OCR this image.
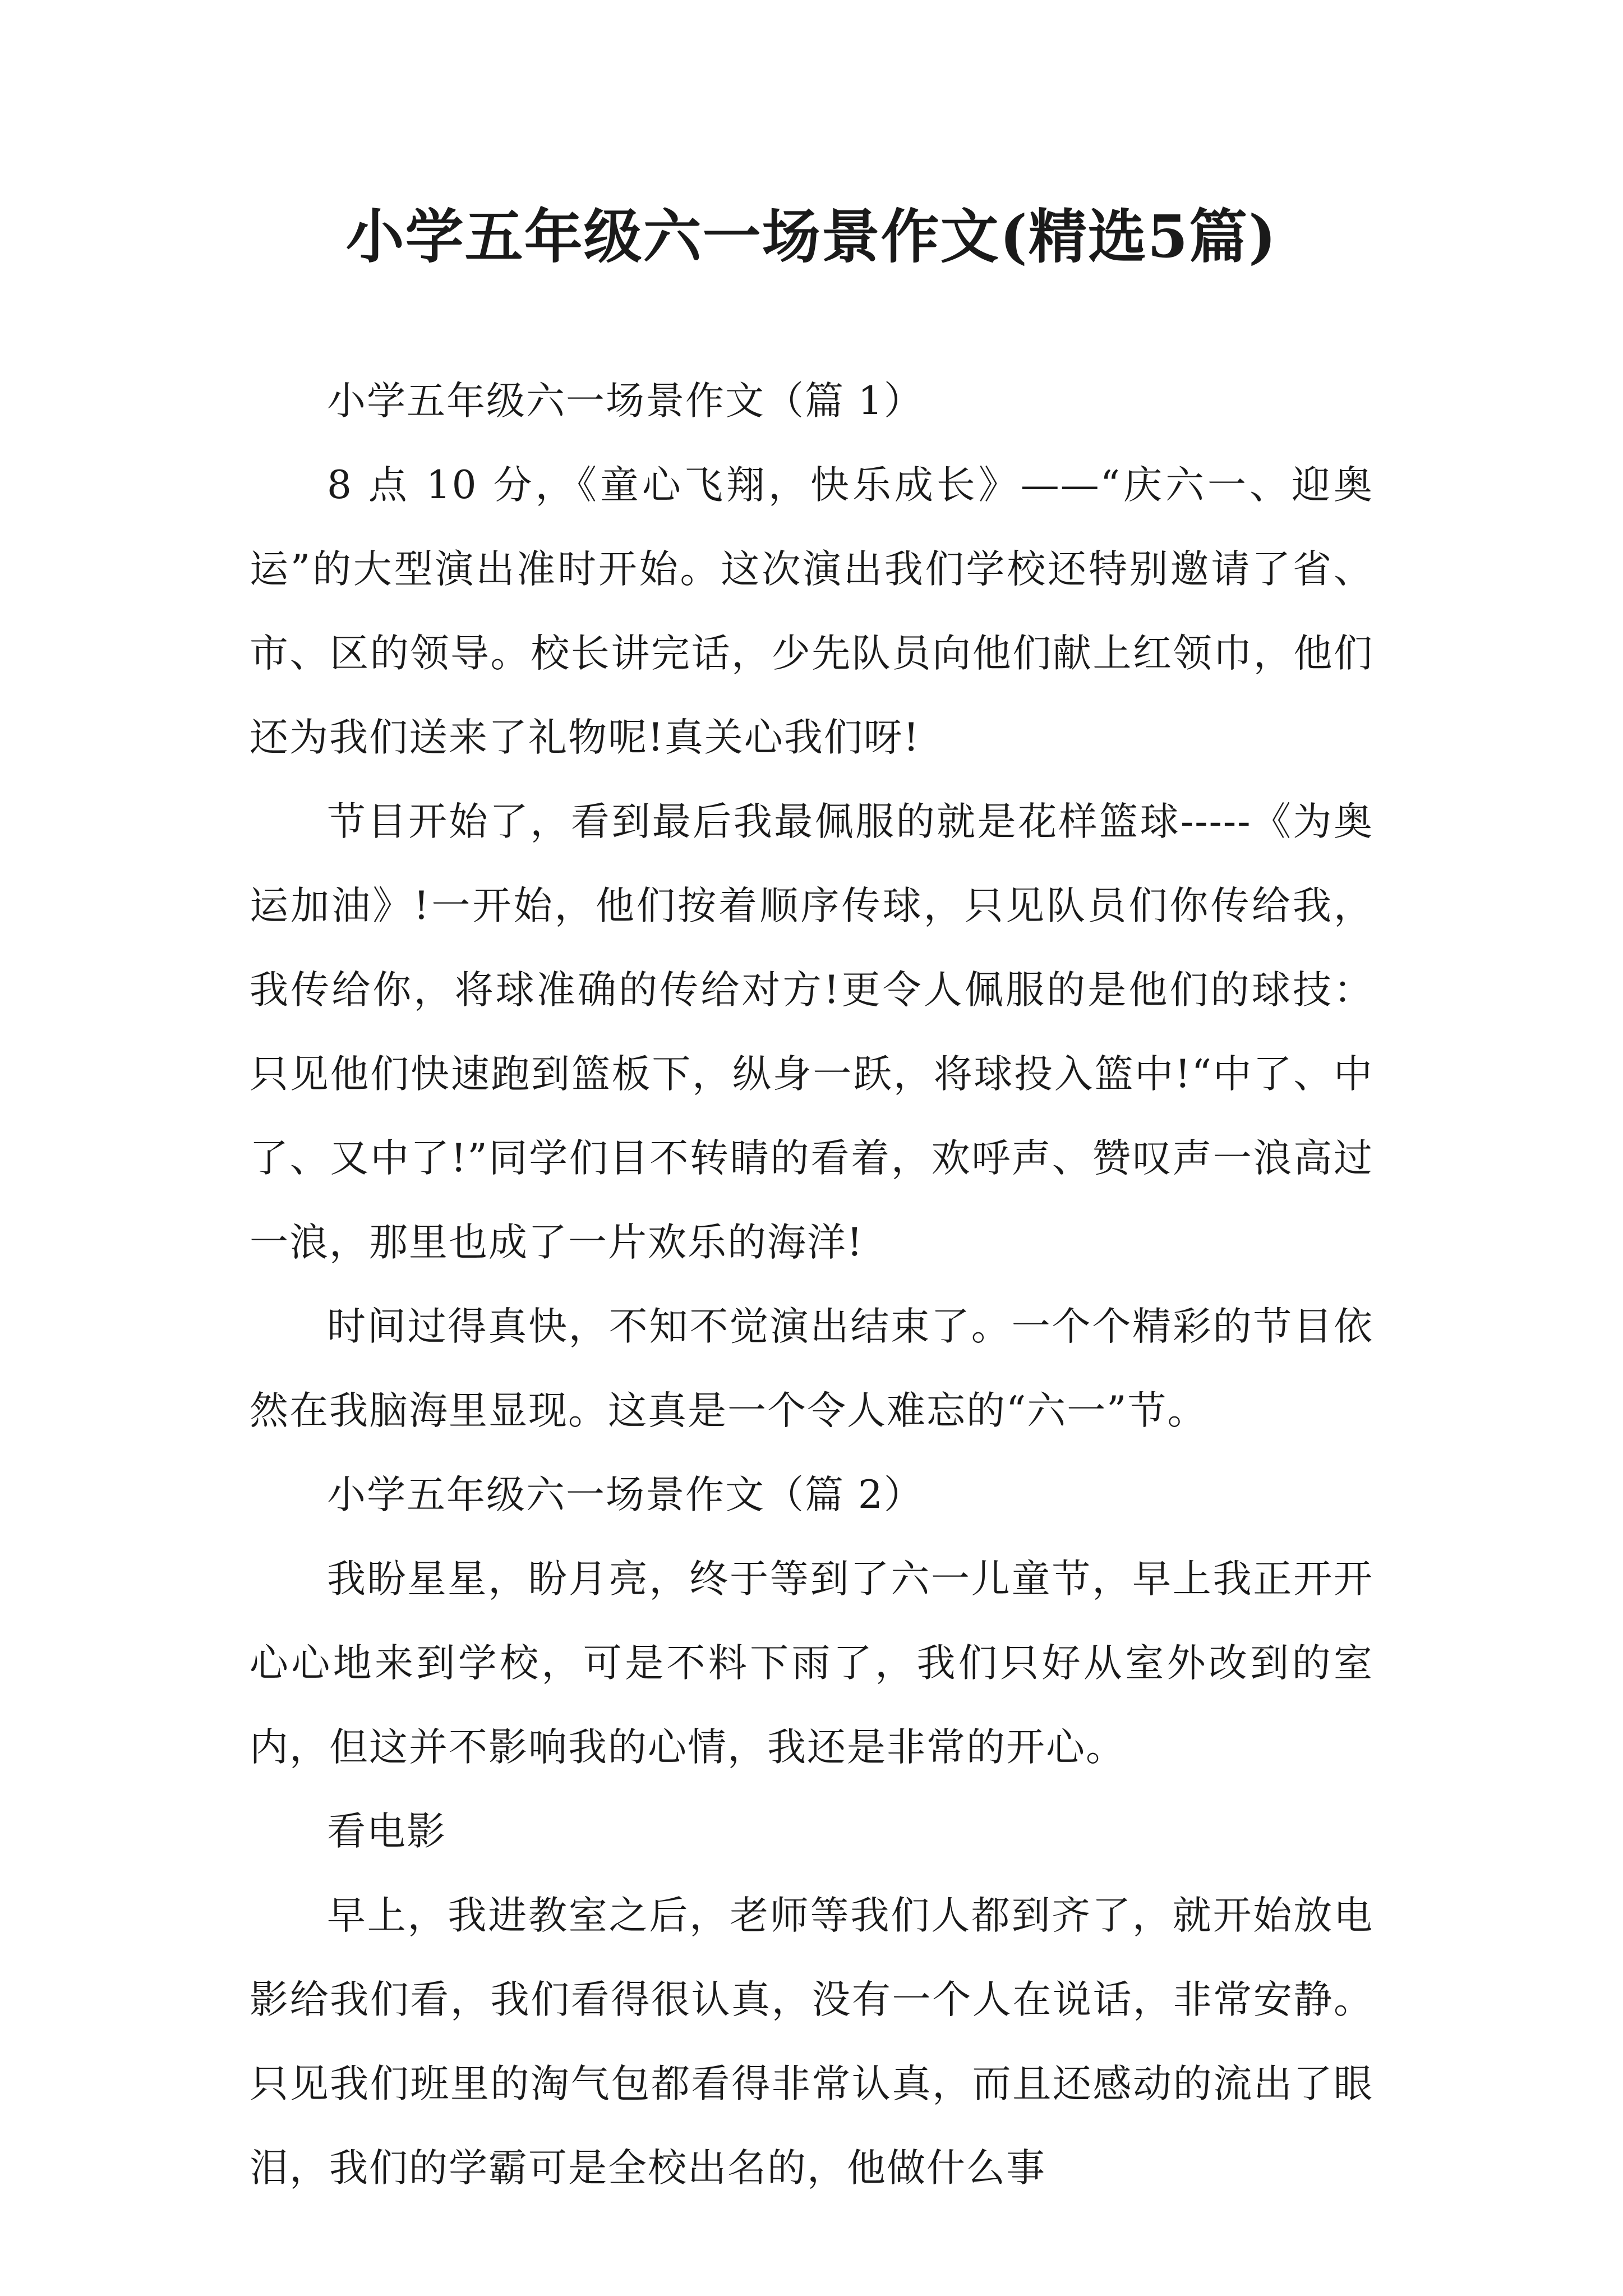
小学五年级六一场景作文(精选5篇)

小学五年级六一场景作文（篇 1）

8 点 10 分，《童心飞翔，快乐成长》——“庆六一、迎奥运”的大型演出准时开始。这次演出我们学校还特别邀请了省、市、区的领导。校长讲完话，少先队员向他们献上红领巾，他们还为我们送来了礼物呢!真关心我们呀!

节目开始了，看到最后我最佩服的就是花样篮球-----《为奥运加油》!一开始，他们按着顺序传球，只见队员们你传给我，我传给你，将球准确的传给对方!更令人佩服的是他们的球技：只见他们快速跑到篮板下，纵身一跃，将球投入篮中!“中了、中了、又中了!”同学们目不转睛的看着，欢呼声、赞叹声一浪高过一浪，那里也成了一片欢乐的海洋!

时间过得真快，不知不觉演出结束了。一个个精彩的节目依然在我脑海里显现。这真是一个令人难忘的“六一”节。

小学五年级六一场景作文（篇 2）

我盼星星，盼月亮，终于等到了六一儿童节，早上我正开开心心地来到学校，可是不料下雨了，我们只好从室外改到的室内，但这并不影响我的心情，我还是非常的开心。

看电影

早上，我进教室之后，老师等我们人都到齐了，就开始放电影给我们看，我们看得很认真，没有一个人在说话，非常安静。只见我们班里的淘气包都看得非常认真，而且还感动的流出了眼泪，我们的学霸可是全校出名的，他做什么事
